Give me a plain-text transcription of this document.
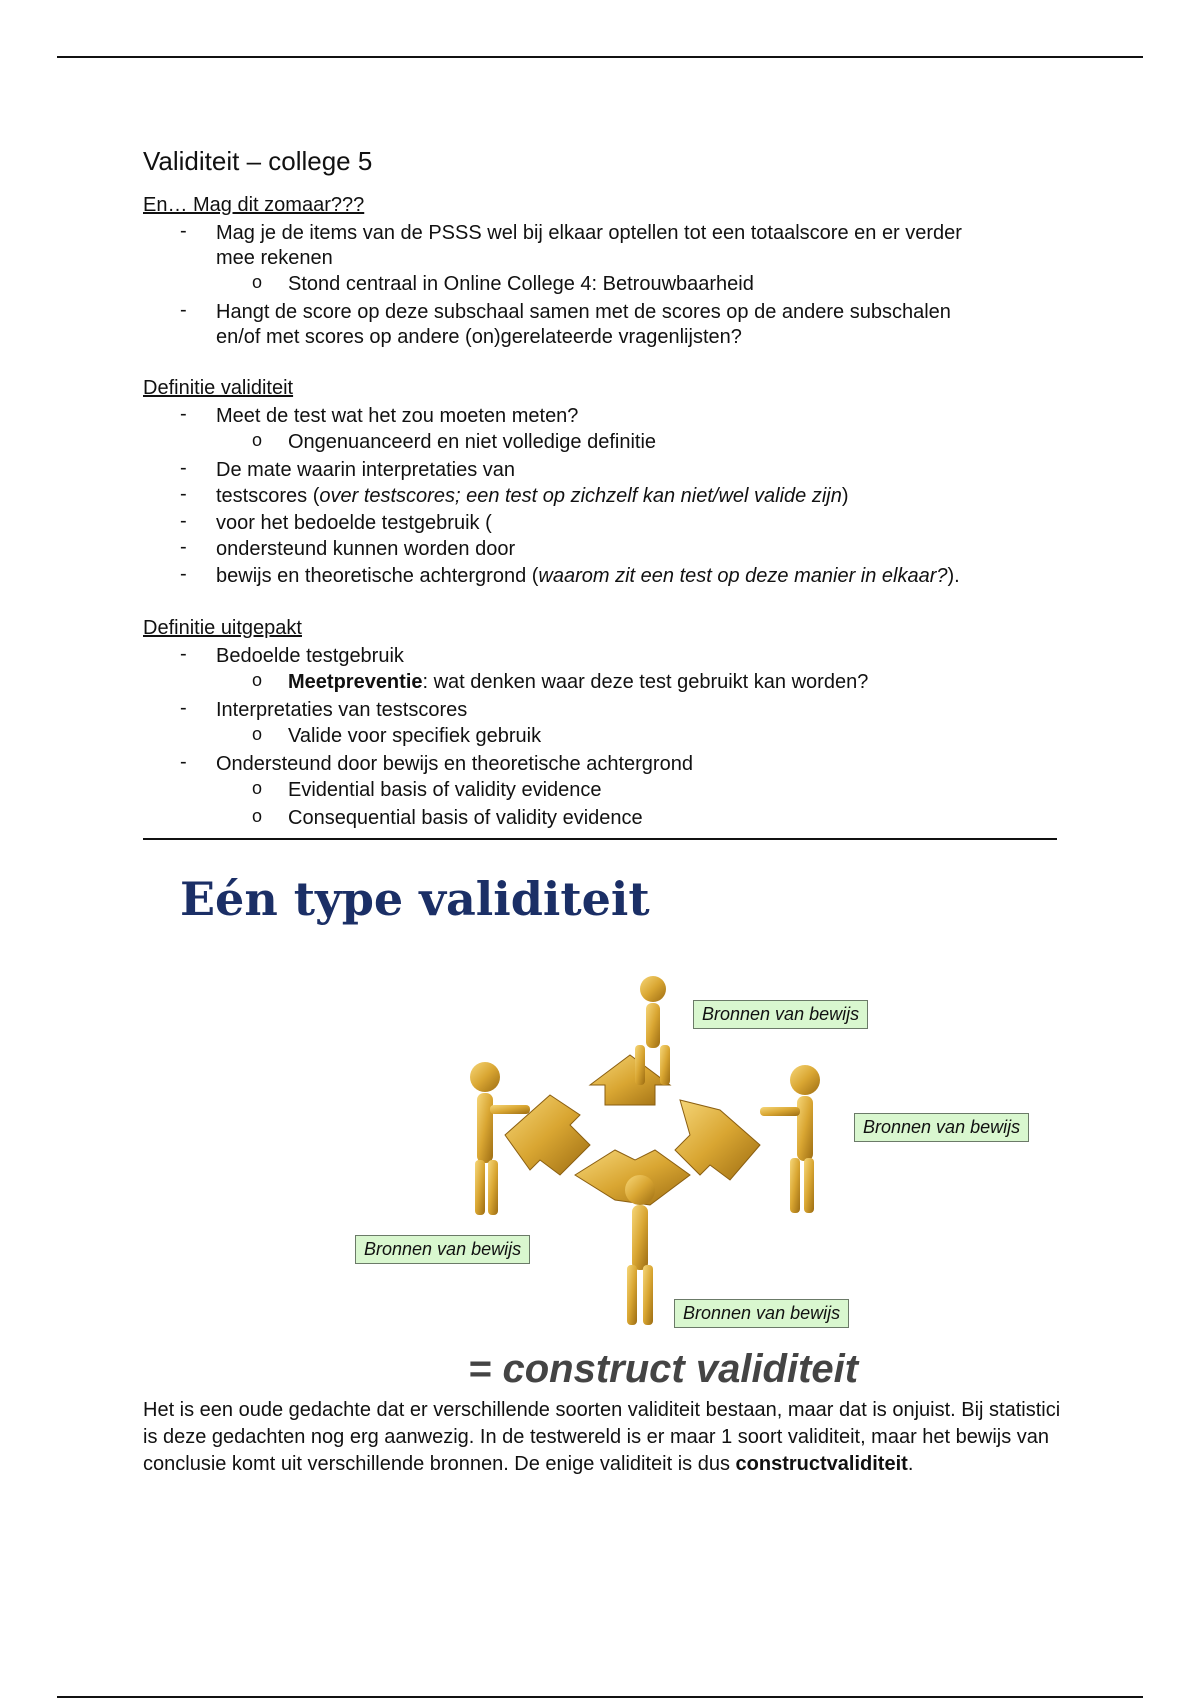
Validiteit – college 5
En… Mag dit zomaar???
- Mag je de items van de PSSS wel bij elkaar optellen tot een totaalscore en er verder
mee rekenen
o Stond centraal in Online College 4: Betrouwbaarheid
- Hangt de score op deze subschaal samen met de scores op de andere subschalen
en/of met scores op andere (on)gerelateerde vragenlijsten?
Definitie validiteit
- Meet de test wat het zou moeten meten?
o Ongenuanceerd en niet volledige definitie
- De mate waarin interpretaties van
- testscores (over testscores; een test op zichzelf kan niet/wel valide zijn)
- voor het bedoelde testgebruik (
- ondersteund kunnen worden door
- bewijs en theoretische achtergrond (waarom zit een test op deze manier in elkaar?).
Definitie uitgepakt
- Bedoelde testgebruik
o Meetpreventie: wat denken waar deze test gebruikt kan worden?
- Interpretaties van testscores
o Valide voor specifiek gebruik
- Ondersteund door bewijs en theoretische achtergrond
o Evidential basis of validity evidence
o Consequential basis of validity evidence
Eén type validiteit
Bronnen van bewijs
Bronnen van bewijs
Bronnen van bewijs
Bronnen van bewijs

= construct validiteit

Het is een oude gedachte dat er verschillende soorten validiteit bestaan, maar dat is onjuist. Bij statistici is deze gedachten nog erg aanwezig. In de testwereld is er maar 1 soort validiteit, maar het bewijs van conclusie komt uit verschillende bronnen. De enige validiteit is dus constructvaliditeit.
